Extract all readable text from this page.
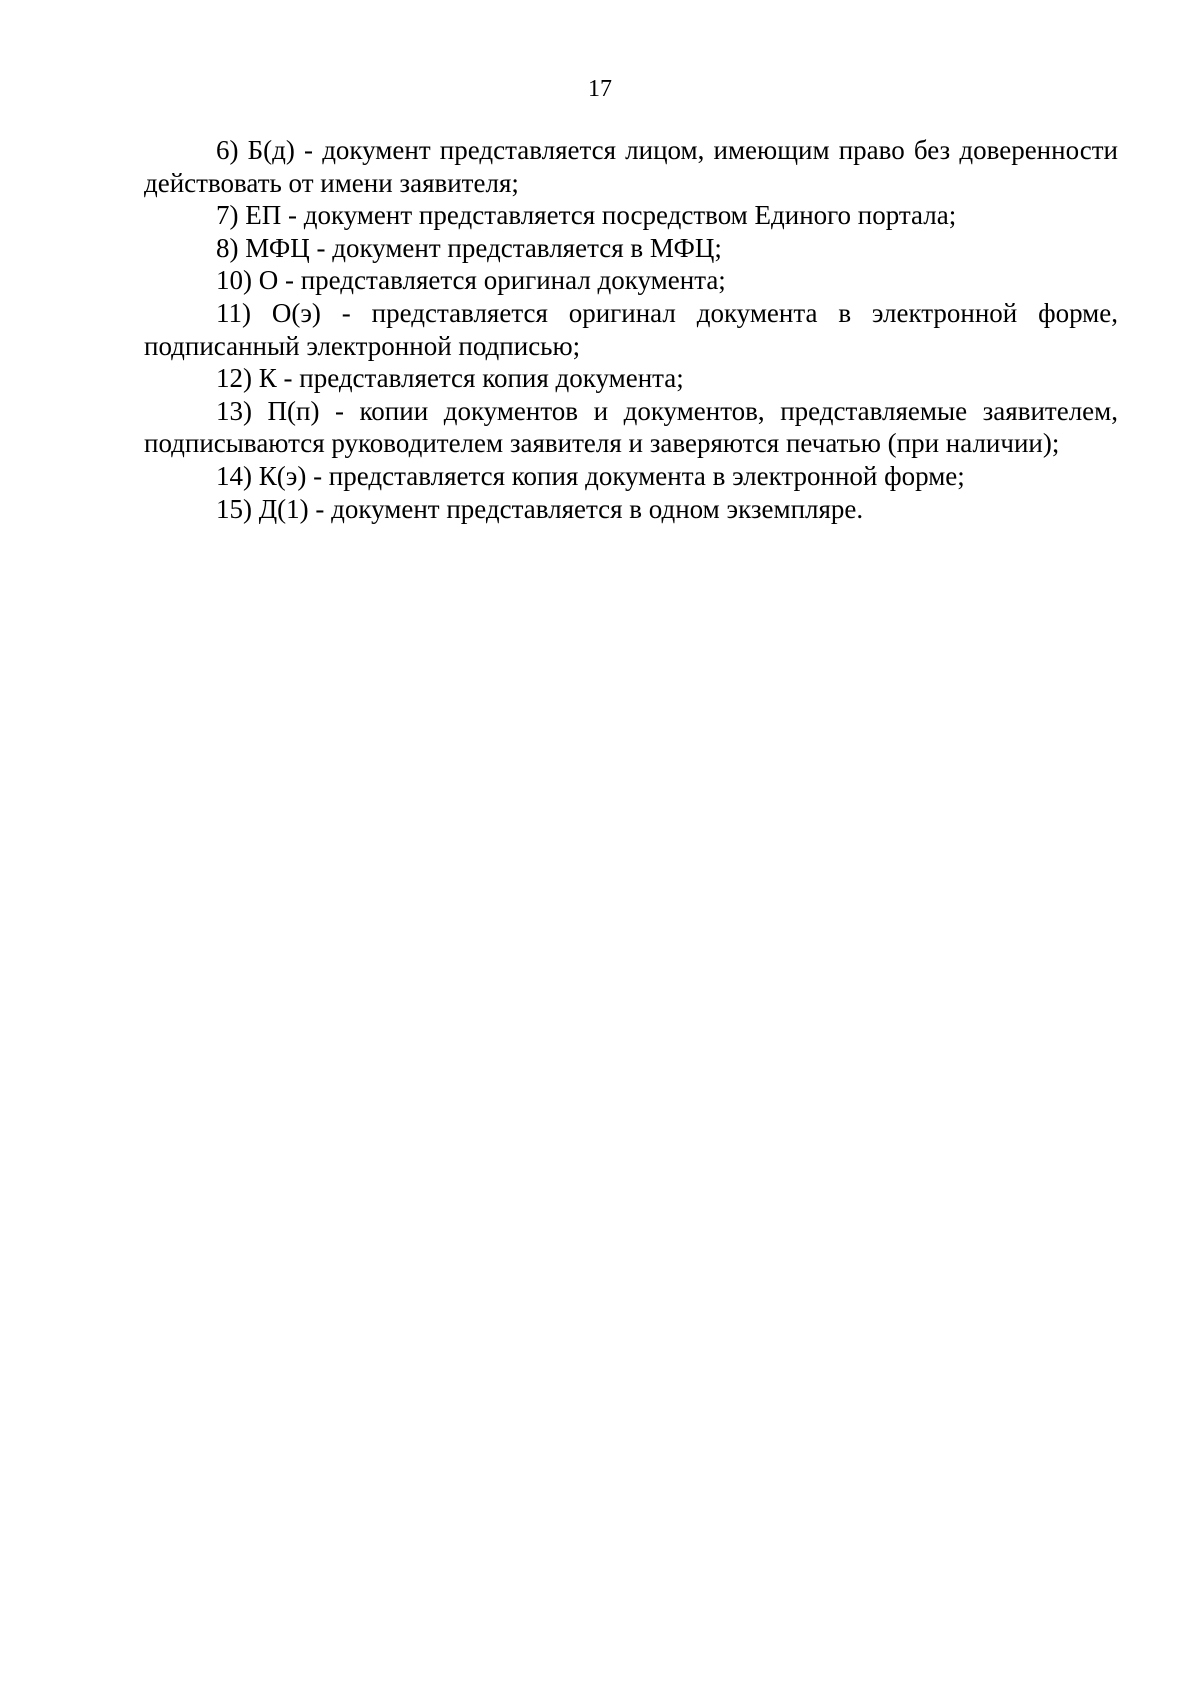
17

6) Б(д) - документ представляется лицом, имеющим право без доверенности действовать от имени заявителя;

7) ЕП - документ представляется посредством Единого портала;

8) МФЦ - документ представляется в МФЦ;

10) О - представляется оригинал документа;

11) О(э) - представляется оригинал документа в электронной форме, подписанный электронной подписью;

12) К - представляется копия документа;

13) П(п) - копии документов и документов, представляемые заявителем, подписываются руководителем заявителя и заверяются печатью (при наличии);

14) К(э) - представляется копия документа в электронной форме;

15) Д(1) - документ представляется в одном экземпляре.
